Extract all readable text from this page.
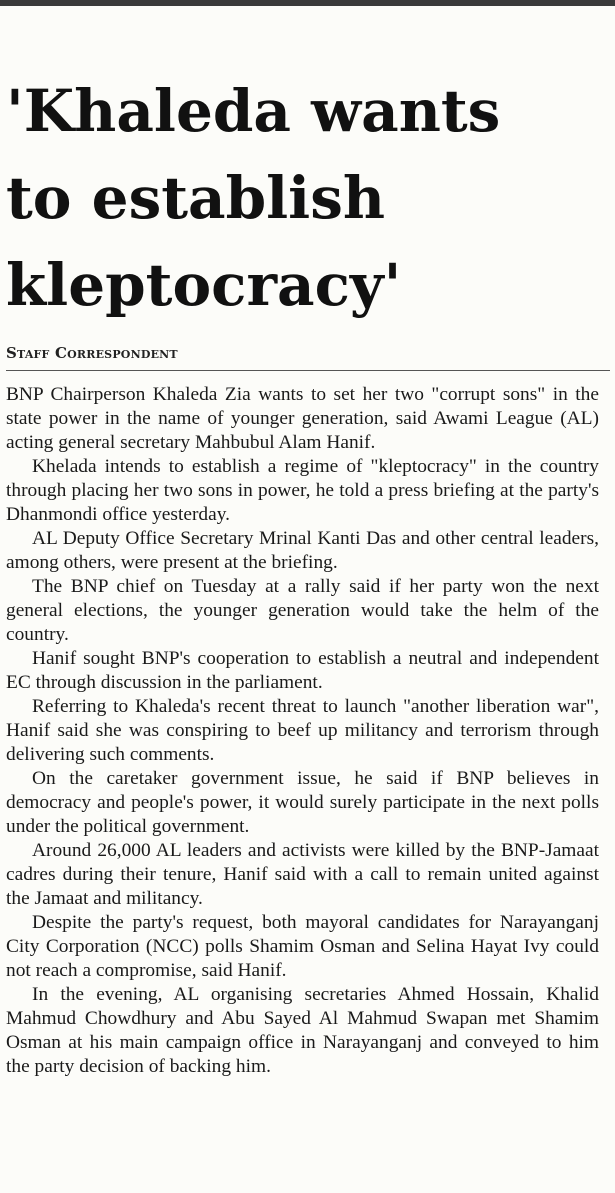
'Khaleda wants
to establish
kleptocracy'
Staff Correspondent

BNP Chairperson Khaleda Zia wants to set her two "corrupt sons" in the state power in the name of younger generation, said Awami League (AL) acting general secretary Mahbubul Alam Hanif.

Khelada intends to establish a regime of "kleptocracy" in the country through placing her two sons in power, he told a press briefing at the party's Dhanmondi office yesterday.

AL Deputy Office Secretary Mrinal Kanti Das and other central leaders, among others, were present at the briefing.

The BNP chief on Tuesday at a rally said if her party won the next general elections, the younger generation would take the helm of the country.

Hanif sought BNP's cooperation to establish a neutral and independent EC through discussion in the parliament.

Referring to Khaleda's recent threat to launch "another liberation war", Hanif said she was conspiring to beef up militancy and terrorism through delivering such comments.

On the caretaker government issue, he said if BNP believes in democracy and people's power, it would surely participate in the next polls under the political government.

Around 26,000 AL leaders and activists were killed by the BNP-Jamaat cadres during their tenure, Hanif said with a call to remain united against the Jamaat and militancy.

Despite the party's request, both mayoral candidates for Narayanganj City Corporation (NCC) polls Shamim Osman and Selina Hayat Ivy could not reach a compromise, said Hanif.

In the evening, AL organising secretaries Ahmed Hossain, Khalid Mahmud Chowdhury and Abu Sayed Al Mahmud Swapan met Shamim Osman at his main campaign office in Narayanganj and conveyed to him the party decision of backing him.
